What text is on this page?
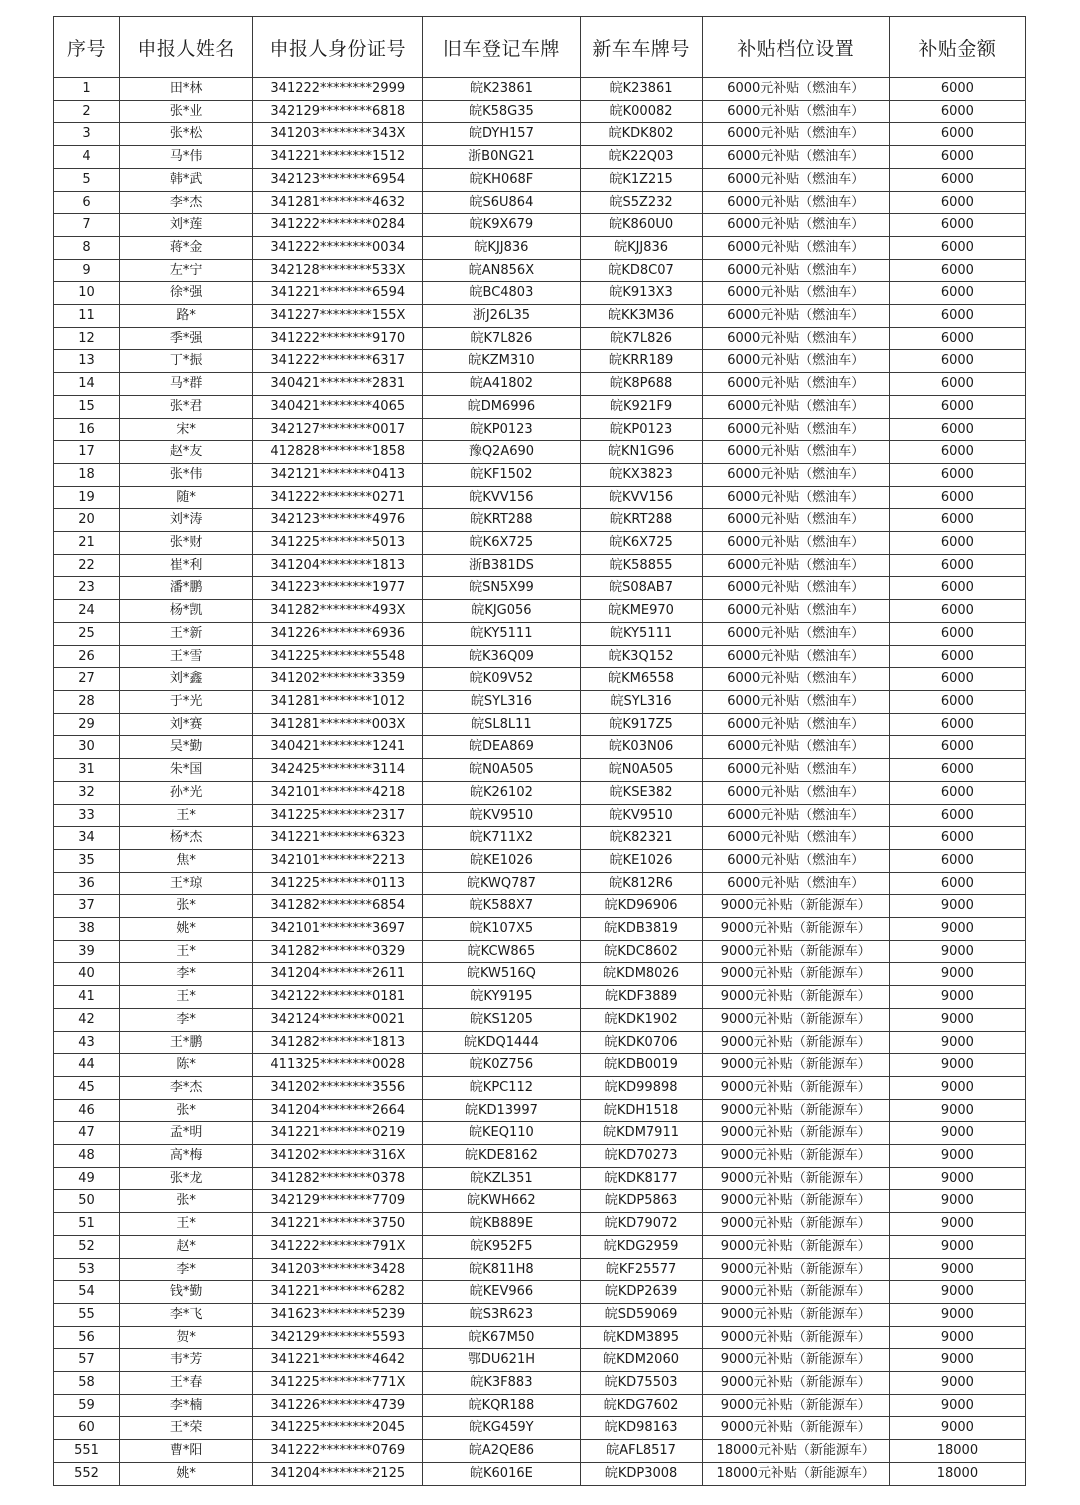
序号	申报人姓名	申报人身份证号	旧车登记车牌	新车车牌号	补贴档位设置	补贴金额
1	田*林	341222********2999	皖K23861	皖K23861	6000元补贴（燃油车）	6000
2	张*业	342129********6818	皖K58G35	皖K00082	6000元补贴（燃油车）	6000
3	张*松	341203********343X	皖DYH157	皖KDK802	6000元补贴（燃油车）	6000
4	马*伟	341221********1512	浙B0NG21	皖K22Q03	6000元补贴（燃油车）	6000
5	韩*武	342123********6954	皖KH068F	皖K1Z215	6000元补贴（燃油车）	6000
6	李*杰	341281********4632	皖S6U864	皖S5Z232	6000元补贴（燃油车）	6000
7	刘*莲	341222********0284	皖K9X679	皖K860U0	6000元补贴（燃油车）	6000
8	蒋*金	341222********0034	皖KJJ836	皖KJJ836	6000元补贴（燃油车）	6000
9	左*宁	342128********533X	皖AN856X	皖KD8C07	6000元补贴（燃油车）	6000
10	徐*强	341221********6594	皖BC4803	皖K913X3	6000元补贴（燃油车）	6000
11	路*	341227********155X	浙J26L35	皖KK3M36	6000元补贴（燃油车）	6000
12	季*强	341222********9170	皖K7L826	皖K7L826	6000元补贴（燃油车）	6000
13	丁*振	341222********6317	皖KZM310	皖KRR189	6000元补贴（燃油车）	6000
14	马*群	340421********2831	皖A41802	皖K8P688	6000元补贴（燃油车）	6000
15	张*君	340421********4065	皖DM6996	皖K921F9	6000元补贴（燃油车）	6000
16	宋*	342127********0017	皖KP0123	皖KP0123	6000元补贴（燃油车）	6000
17	赵*友	412828********1858	豫Q2A690	皖KN1G96	6000元补贴（燃油车）	6000
18	张*伟	342121********0413	皖KF1502	皖KX3823	6000元补贴（燃油车）	6000
19	随*	341222********0271	皖KVV156	皖KVV156	6000元补贴（燃油车）	6000
20	刘*涛	342123********4976	皖KRT288	皖KRT288	6000元补贴（燃油车）	6000
21	张*财	341225********5013	皖K6X725	皖K6X725	6000元补贴（燃油车）	6000
22	崔*利	341204********1813	浙B381DS	皖K58855	6000元补贴（燃油车）	6000
23	潘*鹏	341223********1977	皖SN5X99	皖S08AB7	6000元补贴（燃油车）	6000
24	杨*凯	341282********493X	皖KJG056	皖KME970	6000元补贴（燃油车）	6000
25	王*新	341226********6936	皖KY5111	皖KY5111	6000元补贴（燃油车）	6000
26	王*雪	341225********5548	皖K36Q09	皖K3Q152	6000元补贴（燃油车）	6000
27	刘*鑫	341202********3359	皖K09V52	皖KM6558	6000元补贴（燃油车）	6000
28	于*光	341281********1012	皖SYL316	皖SYL316	6000元补贴（燃油车）	6000
29	刘*赛	341281********003X	皖SL8L11	皖K917Z5	6000元补贴（燃油车）	6000
30	吴*勤	340421********1241	皖DEA869	皖K03N06	6000元补贴（燃油车）	6000
31	朱*国	342425********3114	皖N0A505	皖N0A505	6000元补贴（燃油车）	6000
32	孙*光	342101********4218	皖K26102	皖KSE382	6000元补贴（燃油车）	6000
33	王*	341225********2317	皖KV9510	皖KV9510	6000元补贴（燃油车）	6000
34	杨*杰	341221********6323	皖K711X2	皖K82321	6000元补贴（燃油车）	6000
35	焦*	342101********2213	皖KE1026	皖KE1026	6000元补贴（燃油车）	6000
36	王*琼	341225********0113	皖KWQ787	皖K812R6	6000元补贴（燃油车）	6000
37	张*	341282********6854	皖K588X7	皖KD96906	9000元补贴（新能源车）	9000
38	姚*	342101********3697	皖K107X5	皖KDB3819	9000元补贴（新能源车）	9000
39	王*	341282********0329	皖KCW865	皖KDC8602	9000元补贴（新能源车）	9000
40	李*	341204********2611	皖KW516Q	皖KDM8026	9000元补贴（新能源车）	9000
41	王*	342122********0181	皖KY9195	皖KDF3889	9000元补贴（新能源车）	9000
42	李*	342124********0021	皖KS1205	皖KDK1902	9000元补贴（新能源车）	9000
43	王*鹏	341282********1813	皖KDQ1444	皖KDK0706	9000元补贴（新能源车）	9000
44	陈*	411325********0028	皖K0Z756	皖KDB0019	9000元补贴（新能源车）	9000
45	李*杰	341202********3556	皖KPC112	皖KD99898	9000元补贴（新能源车）	9000
46	张*	341204********2664	皖KD13997	皖KDH1518	9000元补贴（新能源车）	9000
47	孟*明	341221********0219	皖KEQ110	皖KDM7911	9000元补贴（新能源车）	9000
48	高*梅	341202********316X	皖KDE8162	皖KD70273	9000元补贴（新能源车）	9000
49	张*龙	341282********0378	皖KZL351	皖KDK8177	9000元补贴（新能源车）	9000
50	张*	342129********7709	皖KWH662	皖KDP5863	9000元补贴（新能源车）	9000
51	王*	341221********3750	皖KB889E	皖KD79072	9000元补贴（新能源车）	9000
52	赵*	341222********791X	皖K952F5	皖KDG2959	9000元补贴（新能源车）	9000
53	李*	341203********3428	皖K811H8	皖KF25577	9000元补贴（新能源车）	9000
54	钱*勤	341221********6282	皖KEV966	皖KDP2639	9000元补贴（新能源车）	9000
55	李*飞	341623********5239	皖S3R623	皖SD59069	9000元补贴（新能源车）	9000
56	贺*	342129********5593	皖K67M50	皖KDM3895	9000元补贴（新能源车）	9000
57	韦*芳	341221********4642	鄂DU621H	皖KDM2060	9000元补贴（新能源车）	9000
58	王*春	341225********771X	皖K3F883	皖KD75503	9000元补贴（新能源车）	9000
59	李*楠	341226********4739	皖KQR188	皖KDG7602	9000元补贴（新能源车）	9000
60	王*荣	341225********2045	皖KG459Y	皖KD98163	9000元补贴（新能源车）	9000
551	曹*阳	341222********0769	皖A2QE86	皖AFL8517	18000元补贴（新能源车）	18000
552	姚*	341204********2125	皖K6016E	皖KDP3008	18000元补贴（新能源车）	18000
